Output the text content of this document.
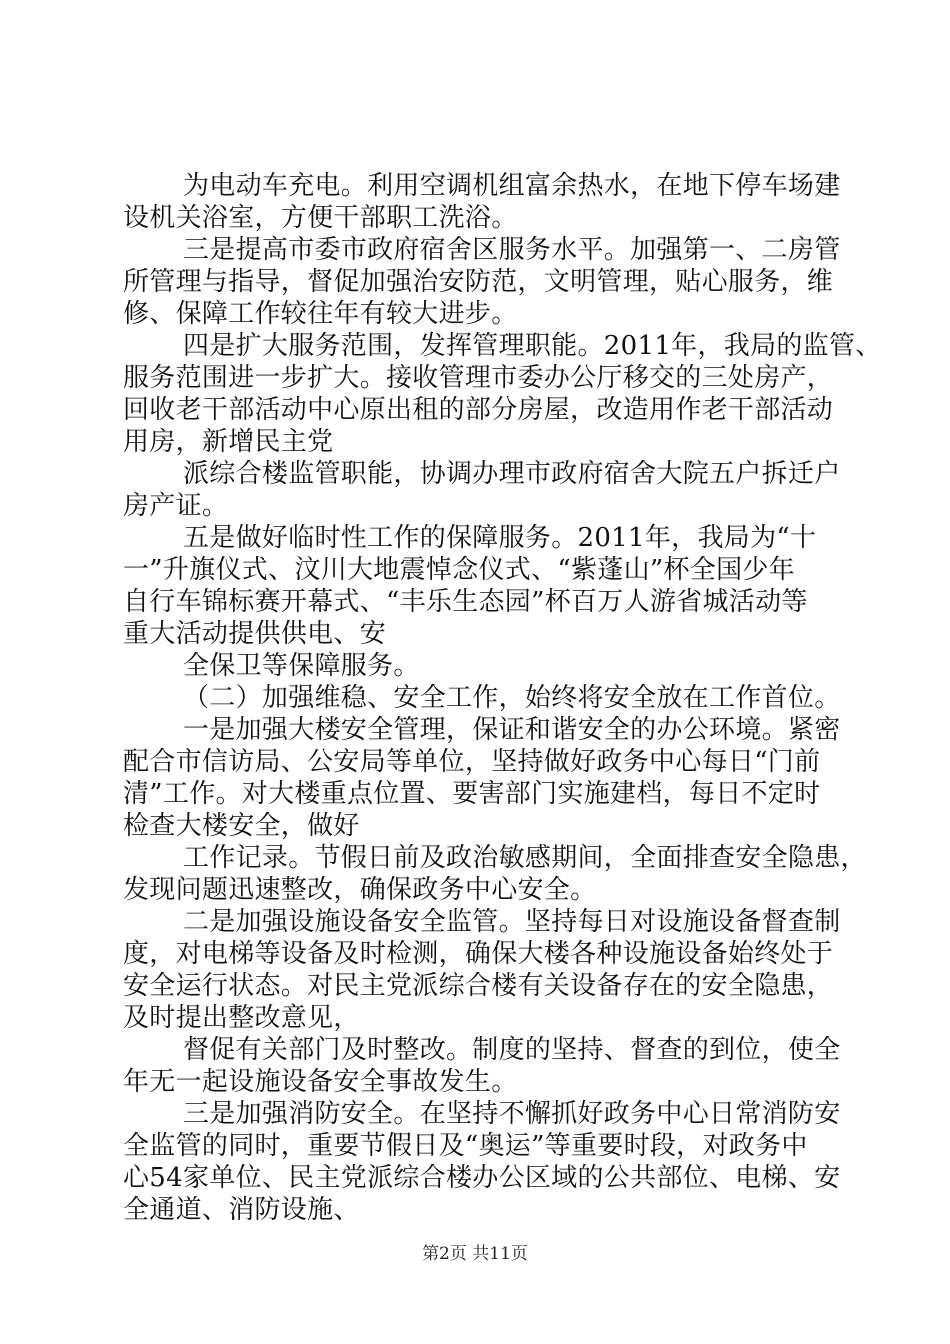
为电动车充电。利用空调机组富余热水，在地下停车场建
设机关浴室，方便干部职工洗浴。
三是提高市委市政府宿舍区服务水平。加强第一、二房管
所管理与指导，督促加强治安防范，文明管理，贴心服务，维
修、保障工作较往年有较大进步。
四是扩大服务范围，发挥管理职能。2011年，我局的监管、
服务范围进一步扩大。接收管理市委办公厅移交的三处房产，
回收老干部活动中心原出租的部分房屋，改造用作老干部活动
用房，新增民主党
派综合楼监管职能，协调办理市政府宿舍大院五户拆迁户
房产证。
五是做好临时性工作的保障服务。2011年，我局为“十
一”升旗仪式、汶川大地震悼念仪式、“紫蓬山”杯全国少年
自行车锦标赛开幕式、“丰乐生态园”杯百万人游省城活动等
重大活动提供供电、安
全保卫等保障服务。
（二）加强维稳、安全工作，始终将安全放在工作首位。
一是加强大楼安全管理，保证和谐安全的办公环境。紧密
配合市信访局、公安局等单位，坚持做好政务中心每日“门前
清”工作。对大楼重点位置、要害部门实施建档，每日不定时
检查大楼安全，做好
工作记录。节假日前及政治敏感期间，全面排查安全隐患，
发现问题迅速整改，确保政务中心安全。
二是加强设施设备安全监管。坚持每日对设施设备督查制
度，对电梯等设备及时检测，确保大楼各种设施设备始终处于
安全运行状态。对民主党派综合楼有关设备存在的安全隐患，
及时提出整改意见，
督促有关部门及时整改。制度的坚持、督查的到位，使全
年无一起设施设备安全事故发生。
三是加强消防安全。在坚持不懈抓好政务中心日常消防安
全监管的同时，重要节假日及“奥运”等重要时段，对政务中
心54家单位、民主党派综合楼办公区域的公共部位、电梯、安
全通道、消防设施、
第2页 共11页
